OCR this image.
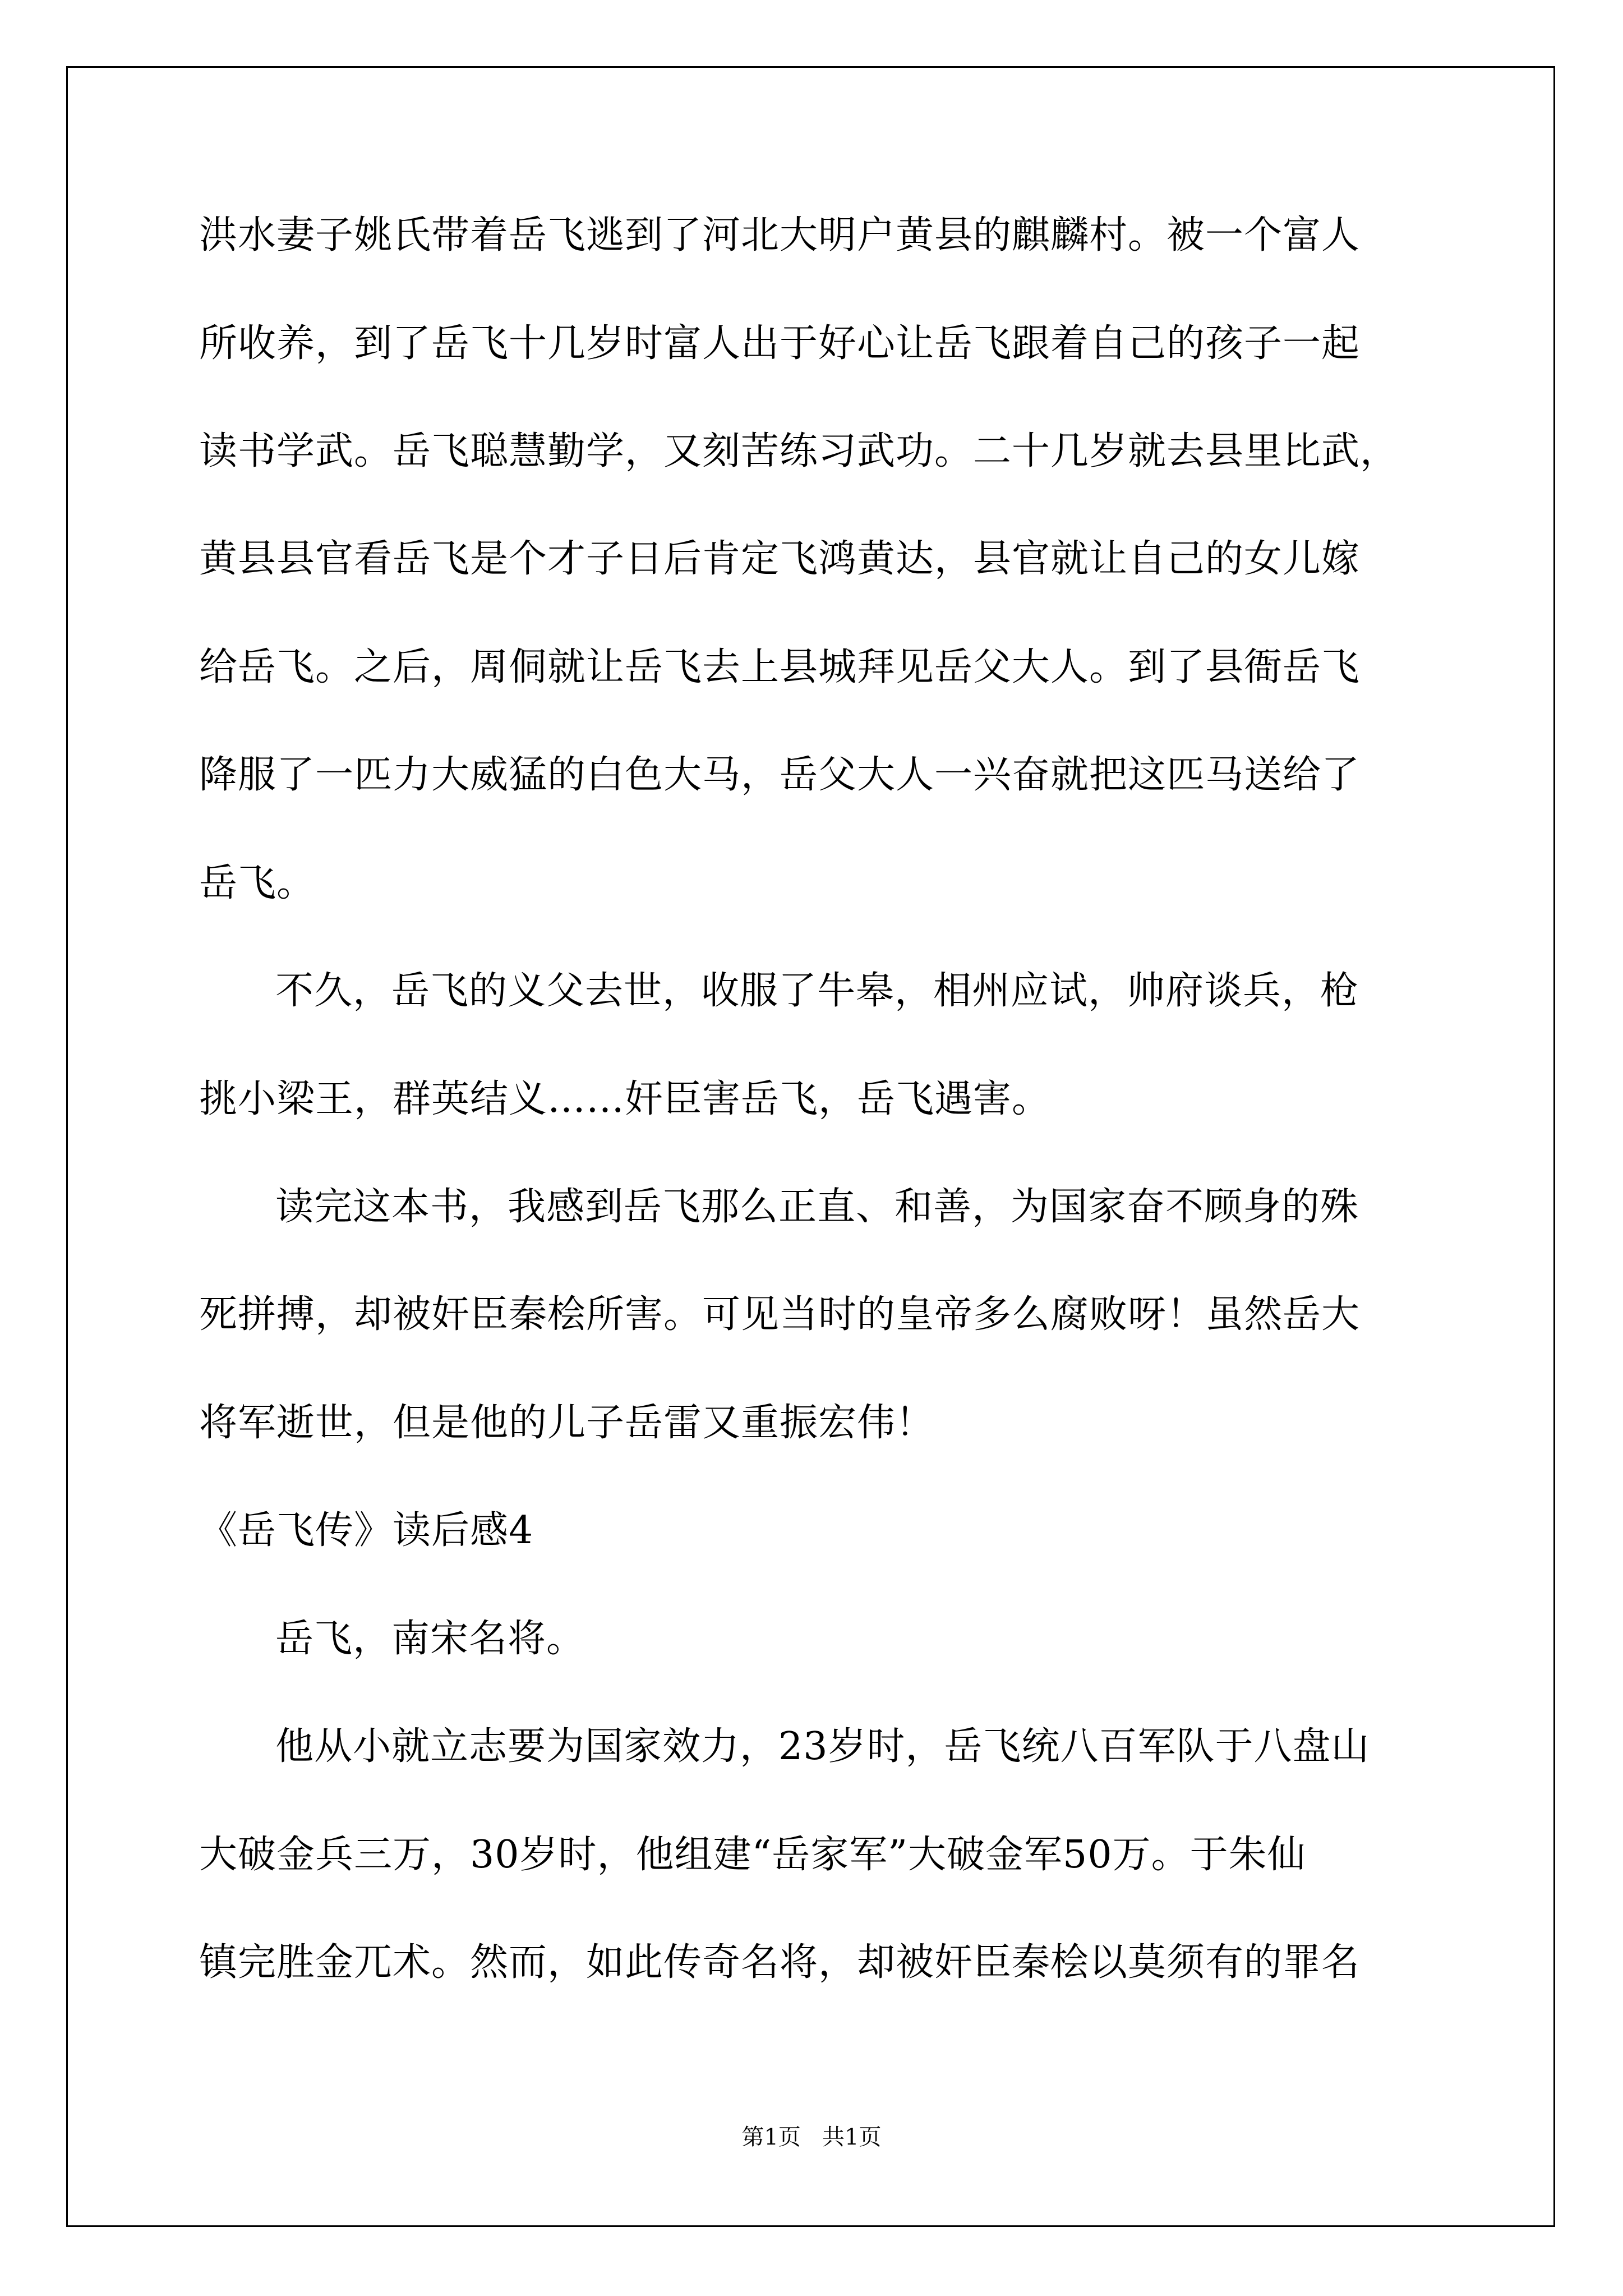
洪水妻子姚氏带着岳飞逃到了河北大明户黄县的麒麟村。被一个富人
所收养，到了岳飞十几岁时富人出于好心让岳飞跟着自己的孩子一起
读书学武。岳飞聪慧勤学，又刻苦练习武功。二十几岁就去县里比武，
黄县县官看岳飞是个才子日后肯定飞鸿黄达，县官就让自己的女儿嫁
给岳飞。之后，周侗就让岳飞去上县城拜见岳父大人。到了县衙岳飞
降服了一匹力大威猛的白色大马，岳父大人一兴奋就把这匹马送给了
岳飞。
不久，岳飞的义父去世，收服了牛皋，相州应试，帅府谈兵，枪
挑小梁王，群英结义……奸臣害岳飞，岳飞遇害。
读完这本书，我感到岳飞那么正直、和善，为国家奋不顾身的殊
死拼搏，却被奸臣秦桧所害。可见当时的皇帝多么腐败呀！虽然岳大
将军逝世，但是他的儿子岳雷又重振宏伟！
《岳飞传》读后感4
岳飞，南宋名将。
他从小就立志要为国家效力，23岁时，岳飞统八百军队于八盘山
大破金兵三万，30岁时，他组建“岳家军”大破金军50万。于朱仙
镇完胜金兀术。然而，如此传奇名将，却被奸臣秦桧以莫须有的罪名
第1页   共1页
